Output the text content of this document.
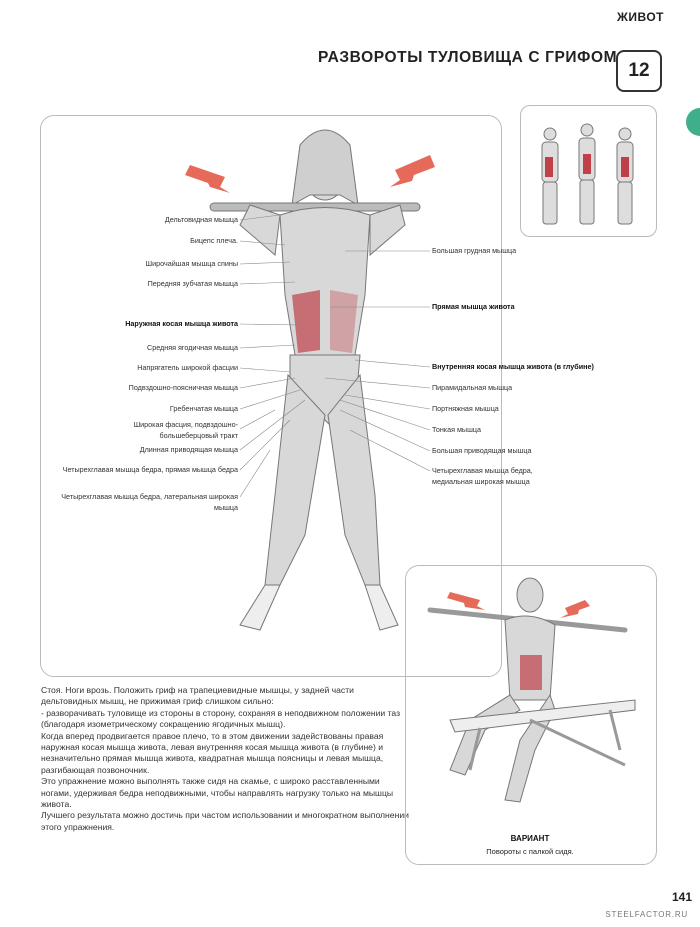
ЖИВОТ
РАЗВОРОТЫ ТУЛОВИЩА С ГРИФОМ
12
Дельтовидная мышца
Бицепс плеча.
Широчайшая мышца спины
Передняя зубчатая мышца
Наружная косая мышца живота
Средняя ягодичная мышца
Напрягатель широкой фасции
Подвздошно-поясничная мышца
Гребенчатая мышца
Широкая фасция, подвздошно-большеберцовый тракт
Длинная приводящая мышца
Четырехглавая мышца бедра, прямая мышца бедра
Четырехглавая мышца бедра, латеральная широкая мышца
Большая грудная мышца
Прямая мышца живота
Внутренняя косая мышца живота (в глубине)
Пирамидальная мышца
Портняжная мышца
Тонкая мышца
Большая приводящая мышца
Четырехглавая мышца бедра, медиальная широкая мышца

Стоя. Ноги врозь. Положить гриф на трапециевидные мышцы, у задней части дельтовидных мышц, не прижимая гриф слишком сильно:

- разворачивать туловище из стороны в сторону, сохраняя в неподвижном положении таз (благодаря изометрическому сокращению ягодичных мышц).

Когда вперед продвигается правое плечо, то в этом движении задействованы правая наружная косая мышца живота, левая внутренняя косая мышца живота (в глубине) и незначительно прямая мышца живота, квадратная мышца поясницы и левая мышца, разгибающая позвоночник.

Это упражнение можно выполнять также сидя на скамье, с широко расставленными ногами, удерживая бедра неподвижными, чтобы направлять нагрузку только на мышцы живота.

Лучшего результата можно достичь при частом использовании и многократном выполнении этого упражнения.

ВАРИАНТ
Повороты с палкой сидя.
141
STEELFACTOR.RU
